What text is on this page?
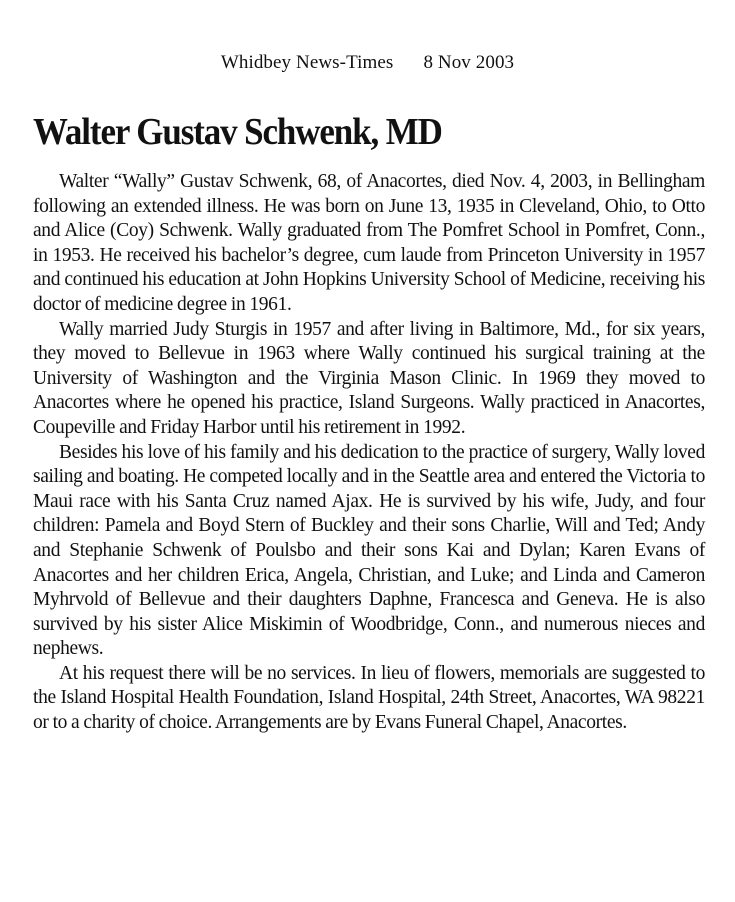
Whidbey News-Times 8 Nov 2003
Walter Gustav Schwenk, MD

Walter “Wally” Gustav Schwenk, 68, of Anacortes, died Nov. 4, 2003, in Bellingham following an extended illness. He was born on June 13, 1935 in Cleveland, Ohio, to Otto and Alice (Coy) Schwenk. Wally graduated from The Pomfret School in Pomfret, Conn., in 1953. He received his bachelor’s degree, cum laude from Princeton University in 1957 and continued his education at John Hopkins University School of Medicine, receiving his doctor of medicine degree in 1961.

Wally married Judy Sturgis in 1957 and after living in Baltimore, Md., for six years, they moved to Bellevue in 1963 where Wally continued his surgical training at the University of Washington and the Virginia Mason Clinic. In 1969 they moved to Anacortes where he opened his practice, Island Surgeons. Wally practiced in Anacortes, Coupeville and Friday Harbor until his retirement in 1992.

Besides his love of his family and his dedication to the practice of surgery, Wally loved sailing and boating. He competed locally and in the Seattle area and entered the Victoria to Maui race with his Santa Cruz named Ajax. He is survived by his wife, Judy, and four children: Pamela and Boyd Stern of Buckley and their sons Charlie, Will and Ted; Andy and Stephanie Schwenk of Poulsbo and their sons Kai and Dylan; Karen Evans of Anacortes and her children Erica, Angela, Christian, and Luke; and Linda and Cameron Myhrvold of Bellevue and their daughters Daphne, Francesca and Geneva. He is also survived by his sister Alice Miskimin of Woodbridge, Conn., and numerous nieces and nephews.

At his request there will be no services. In lieu of flowers, memorials are suggested to the Island Hospital Health Foundation, Island Hospital, 24th Street, Anacortes, WA 98221 or to a charity of choice. Arrangements are by Evans Funeral Chapel, Anacortes.
